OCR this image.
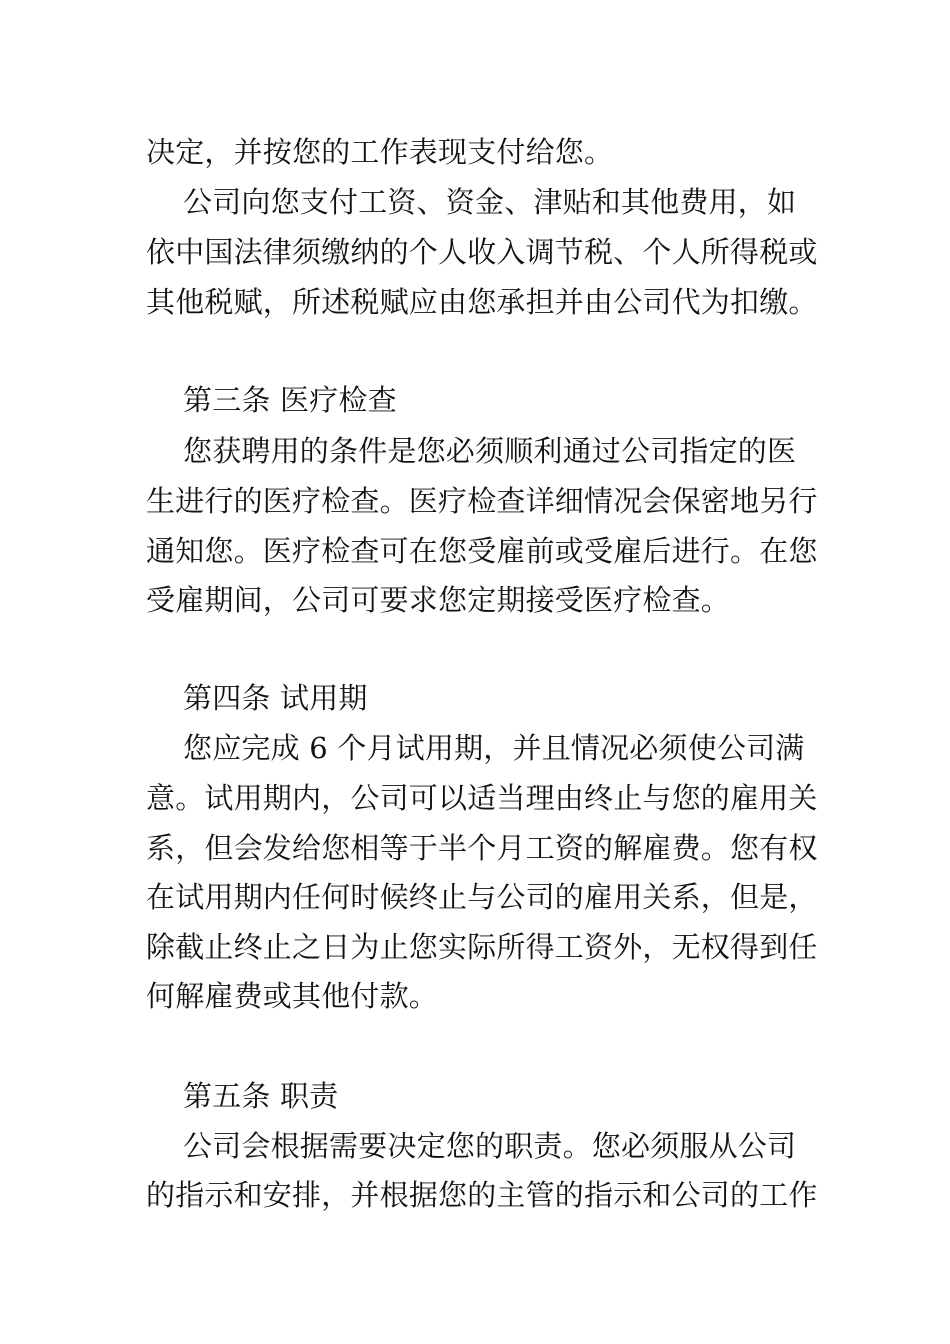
决定，并按您的工作表现支付给您。
公司向您支付工资、资金、津贴和其他费用，如
依中国法律须缴纳的个人收入调节税、个人所得税或
其他税赋，所述税赋应由您承担并由公司代为扣缴。
第三条 医疗检查
您获聘用的条件是您必须顺利通过公司指定的医
生进行的医疗检查。医疗检查详细情况会保密地另行
通知您。医疗检查可在您受雇前或受雇后进行。在您
受雇期间，公司可要求您定期接受医疗检查。
第四条 试用期
您应完成 6 个月试用期，并且情况必须使公司满
意。试用期内，公司可以适当理由终止与您的雇用关
系，但会发给您相等于半个月工资的解雇费。您有权
在试用期内任何时候终止与公司的雇用关系，但是，
除截止终止之日为止您实际所得工资外，无权得到任
何解雇费或其他付款。
第五条 职责
公司会根据需要决定您的职责。您必须服从公司
的指示和安排，并根据您的主管的指示和公司的工作
